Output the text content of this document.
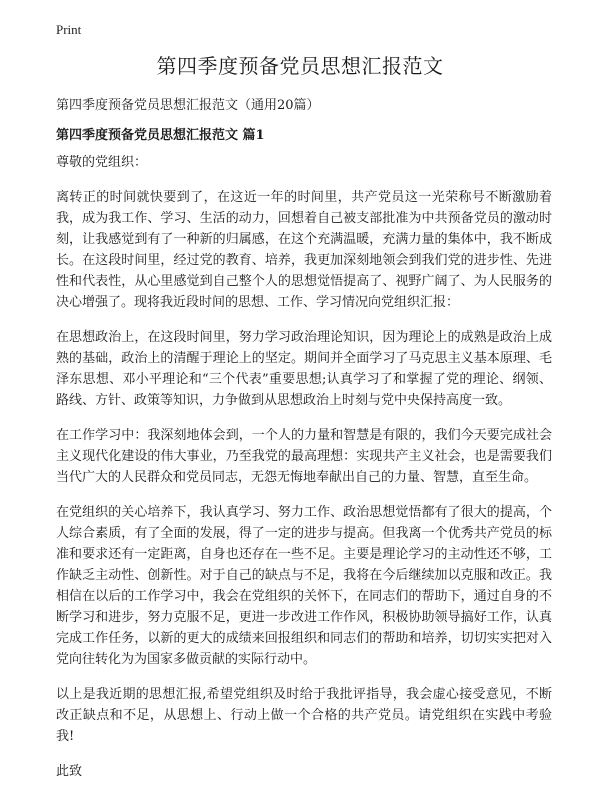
Print
第四季度预备党员思想汇报范文

第四季度预备党员思想汇报范文（通用20篇）

第四季度预备党员思想汇报范文 篇1

尊敬的党组织：

离转正的时间就快要到了，在这近一年的时间里，共产党员这一光荣称号不断激励着我，成为我工作、学习、生活的动力，回想着自己被支部批准为中共预备党员的激动时刻，让我感觉到有了一种新的归属感，在这个充满温暖，充满力量的集体中，我不断成长。在这段时间里，经过党的教育、培养，我更加深刻地领会到我们党的进步性、先进性和代表性，从心里感觉到自己整个人的思想觉悟提高了、视野广阔了、为人民服务的决心增强了。现将我近段时间的思想、工作、学习情况向党组织汇报：

在思想政治上，在这段时间里，努力学习政治理论知识，因为理论上的成熟是政治上成熟的基础，政治上的清醒于理论上的坚定。期间并全面学习了马克思主义基本原理、毛泽东思想、邓小平理论和“三个代表”重要思想;认真学习了和掌握了党的理论、纲领、路线、方针、政策等知识，力争做到从思想政治上时刻与党中央保持高度一致。

在工作学习中：我深刻地体会到，一个人的力量和智慧是有限的，我们今天要完成社会主义现代化建设的伟大事业，乃至我党的最高理想：实现共产主义社会，也是需要我们当代广大的人民群众和党员同志，无怨无悔地奉献出自己的力量、智慧，直至生命。

在党组织的关心培养下，我认真学习、努力工作、政治思想觉悟都有了很大的提高，个人综合素质，有了全面的发展，得了一定的进步与提高。但我离一个优秀共产党员的标准和要求还有一定距离，自身也还存在一些不足。主要是理论学习的主动性还不够，工作缺乏主动性、创新性。对于自己的缺点与不足，我将在今后继续加以克服和改正。我相信在以后的工作学习中，我会在党组织的关怀下，在同志们的帮助下，通过自身的不断学习和进步，努力克服不足，更进一步改进工作作风，积极协助领导搞好工作，认真完成工作任务，以新的更大的成绩来回报组织和同志们的帮助和培养，切切实实把对入党向往转化为为国家多做贡献的实际行动中。

以上是我近期的思想汇报,希望党组织及时给于我批评指导，我会虚心接受意见，不断改正缺点和不足，从思想上、行动上做一个合格的共产党员。请党组织在实践中考验我!

此致
